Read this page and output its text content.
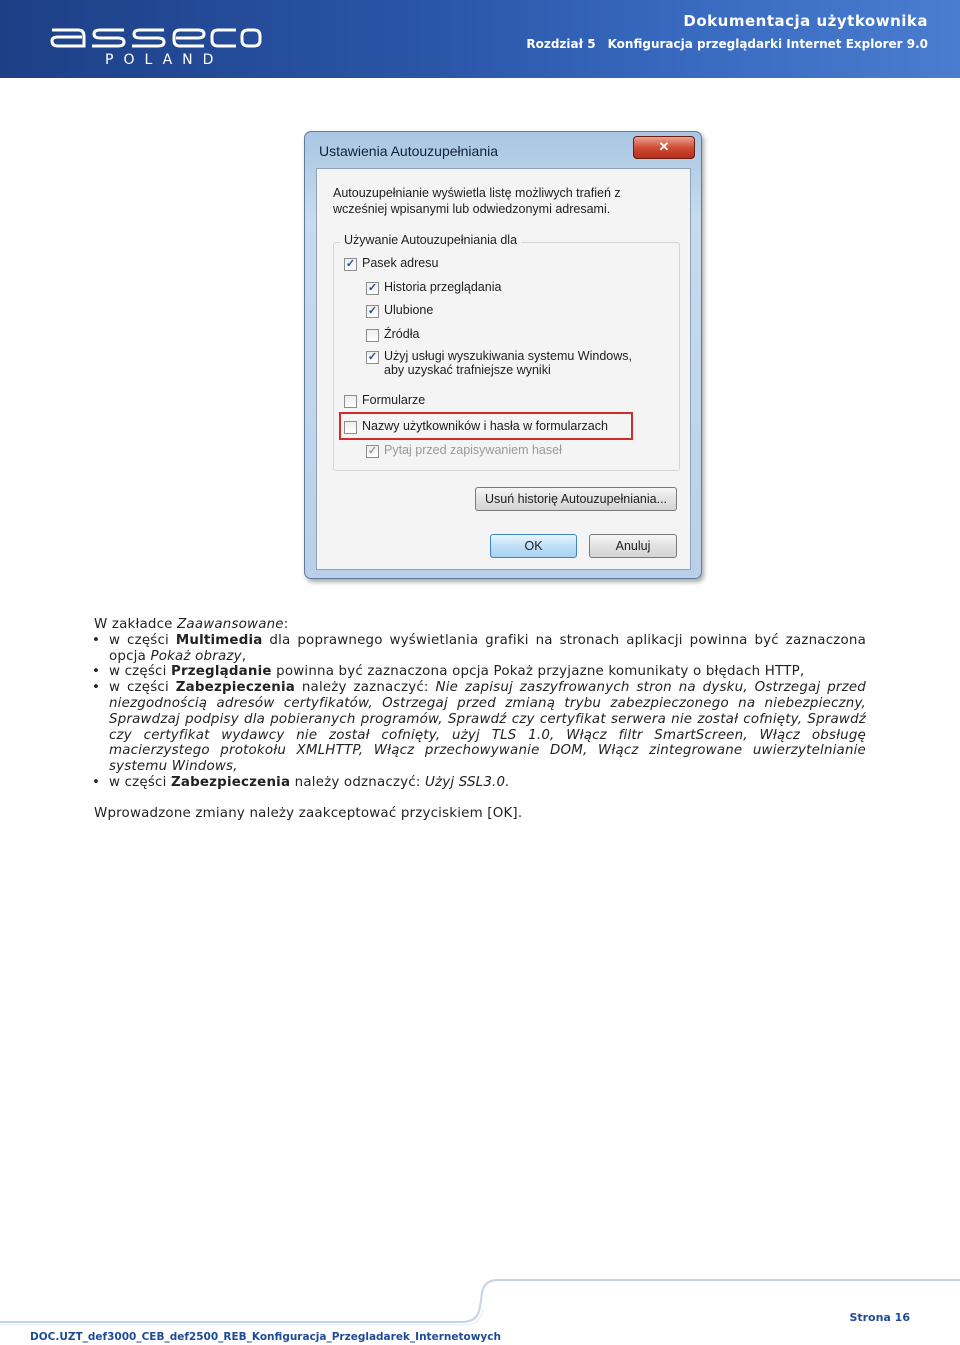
POLAND
Dokumentacja użytkownika
Rozdział 5 Konfiguracja przeglądarki Internet Explorer 9.0
Ustawienia Autouzupełniania	✕
Autouzupełnianie wyświetla listę możliwych trafień z wcześniej wpisanymi lub odwiedzonymi adresami.
Używanie Autouzupełniania dla
✓ Pasek adresu
✓ Historia przeglądania
✓ Ulubione
Źródła
✓ Użyj usługi wyszukiwania systemu Windows,
aby uzyskać trafniejsze wyniki
Formularze
Nazwy użytkowników i hasła w formularzach
✓ Pytaj przed zapisywaniem haseł
Usuń historię Autouzupełniania...
OK	Anuluj

W zakładce Zaawansowane:

• w części Multimedia dla poprawnego wyświetlania grafiki na stronach aplikacji powinna być zaznaczona opcja Pokaż obrazy,
• w części Przeglądanie powinna być zaznaczona opcja Pokaż przyjazne komunikaty o błędach HTTP,
• w części Zabezpieczenia należy zaznaczyć: Nie zapisuj zaszyfrowanych stron na dysku, Ostrzegaj przed niezgodnością adresów certyfikatów, Ostrzegaj przed zmianą trybu zabezpieczonego na niebezpieczny, Sprawdzaj podpisy dla pobieranych programów, Sprawdź czy certyfikat serwera nie został cofnięty, Sprawdź czy certyfikat wydawcy nie został cofnięty, użyj TLS 1.0, Włącz filtr SmartScreen, Włącz obsługę macierzystego protokołu XMLHTTP, Włącz przechowywanie DOM, Włącz zintegrowane uwierzytelnianie systemu Windows,
• w części Zabezpieczenia należy odznaczyć: Użyj SSL3.0.

Wprowadzone zmiany należy zaakceptować przyciskiem [OK].

Strona 16
DOC.UZT_def3000_CEB_def2500_REB_Konfiguracja_Przegladarek_Internetowych
